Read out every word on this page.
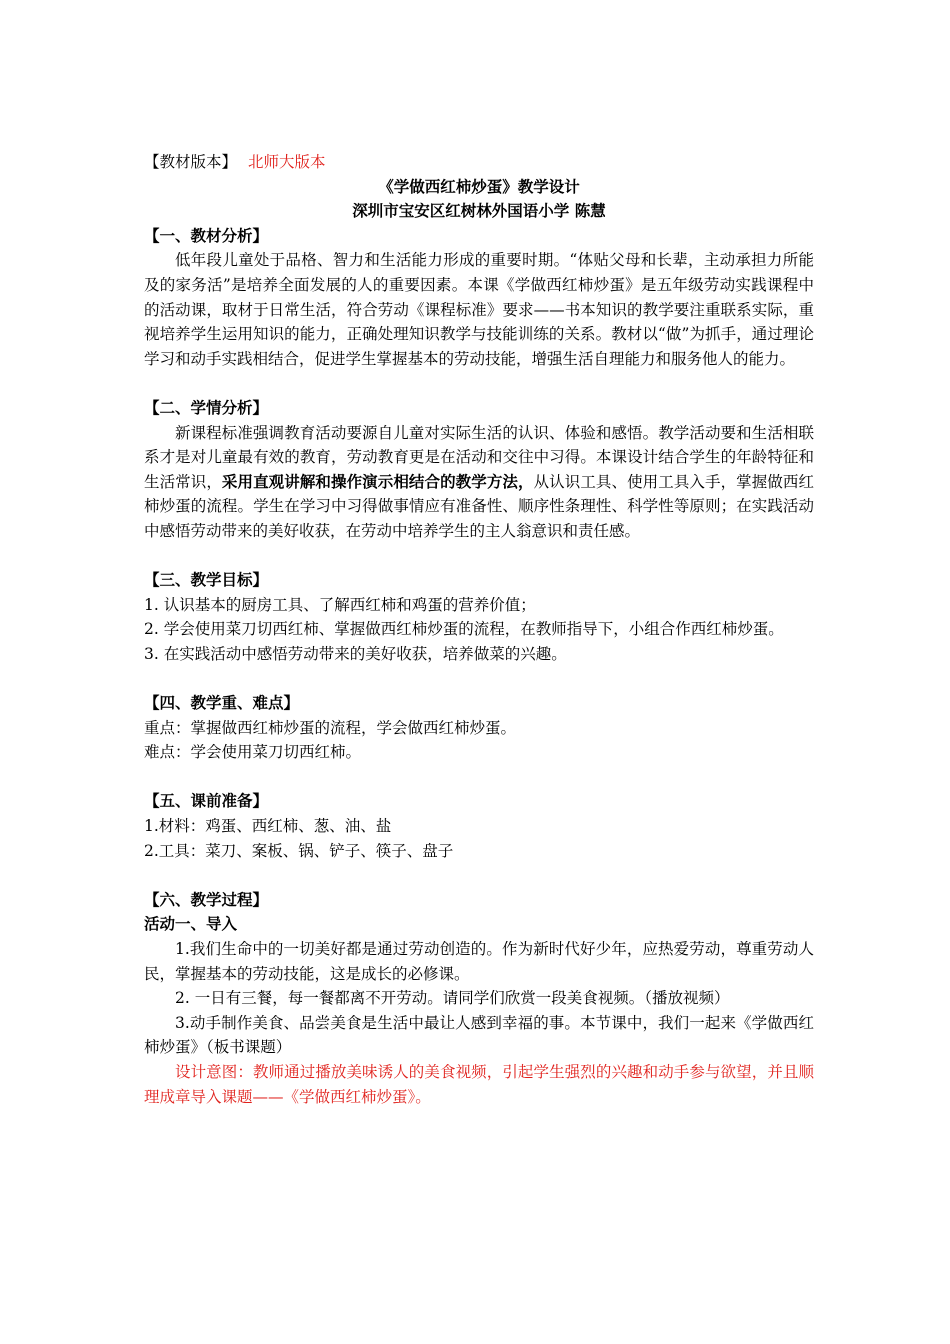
【教材版本】 北师大版本
《学做西红柿炒蛋》教学设计
深圳市宝安区红树林外国语小学 陈慧
【一、教材分析】
低年段儿童处于品格、智力和生活能力形成的重要时期。“体贴父母和长辈，主动承担力所能及的家务活”是培养全面发展的人的重要因素。本课《学做西红柿炒蛋》是五年级劳动实践课程中的活动课，取材于日常生活，符合劳动《课程标准》要求——书本知识的教学要注重联系实际，重视培养学生运用知识的能力，正确处理知识教学与技能训练的关系。教材以“做”为抓手，通过理论学习和动手实践相结合，促进学生掌握基本的劳动技能，增强生活自理能力和服务他人的能力。
【二、学情分析】
新课程标准强调教育活动要源自儿童对实际生活的认识、体验和感悟。教学活动要和生活相联系才是对儿童最有效的教育，劳动教育更是在活动和交往中习得。本课设计结合学生的年龄特征和生活常识，采用直观讲解和操作演示相结合的教学方法，从认识工具、使用工具入手，掌握做西红柿炒蛋的流程。学生在学习中习得做事情应有准备性、顺序性条理性、科学性等原则；在实践活动中感悟劳动带来的美好收获，在劳动中培养学生的主人翁意识和责任感。
【三、教学目标】
1. 认识基本的厨房工具、了解西红柿和鸡蛋的营养价值；
2. 学会使用菜刀切西红柿、掌握做西红柿炒蛋的流程，在教师指导下，小组合作西红柿炒蛋。
3. 在实践活动中感悟劳动带来的美好收获，培养做菜的兴趣。
【四、教学重、难点】
重点：掌握做西红柿炒蛋的流程，学会做西红柿炒蛋。
难点：学会使用菜刀切西红柿。
【五、课前准备】
1.材料：鸡蛋、西红柿、葱、油、盐
2.工具：菜刀、案板、锅、铲子、筷子、盘子
【六、教学过程】
活动一、导入
1.我们生命中的一切美好都是通过劳动创造的。作为新时代好少年，应热爱劳动，尊重劳动人民，掌握基本的劳动技能，这是成长的必修课。
2. 一日有三餐，每一餐都离不开劳动。请同学们欣赏一段美食视频。（播放视频）
3.动手制作美食、品尝美食是生活中最让人感到幸福的事。本节课中，我们一起来《学做西红柿炒蛋》（板书课题）
设计意图：教师通过播放美味诱人的美食视频，引起学生强烈的兴趣和动手参与欲望，并且顺理成章导入课题——《学做西红柿炒蛋》。
